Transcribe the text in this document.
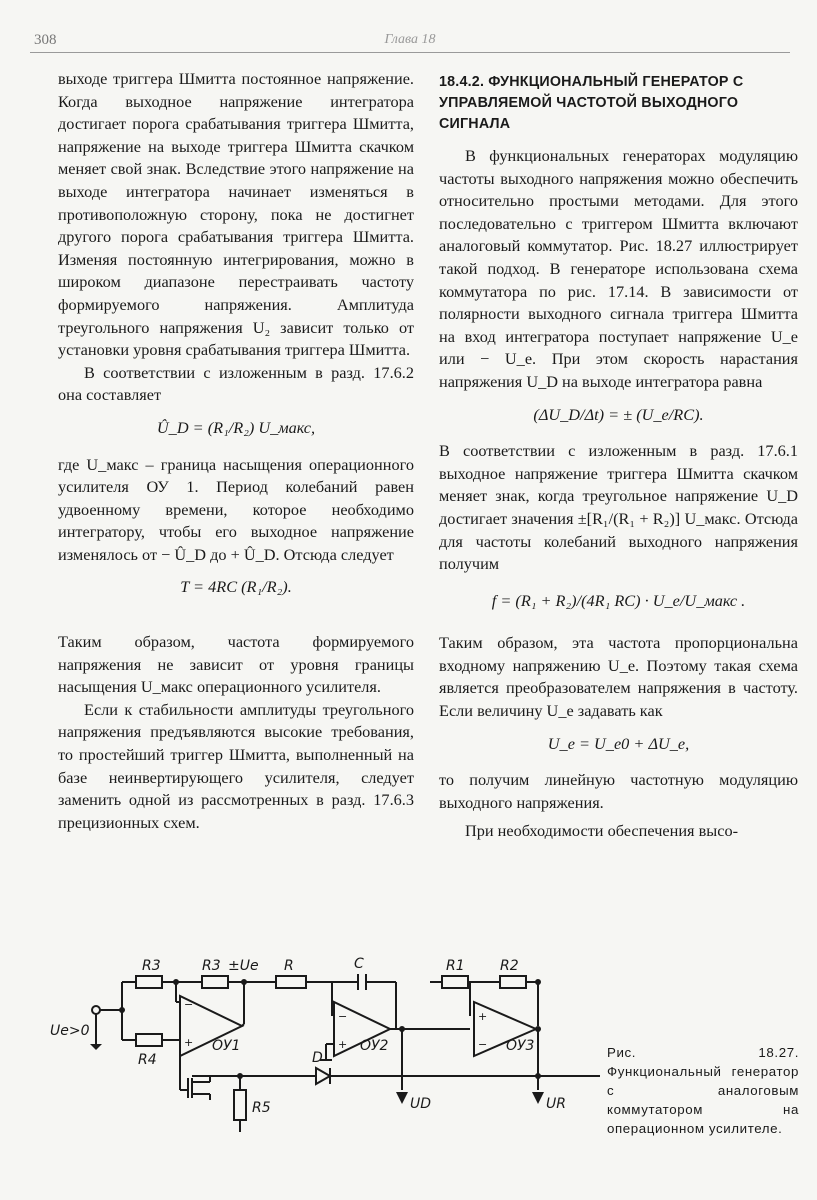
308	Глава 18

выходе триггера Шмитта постоянное напряжение. Когда выходное напряжение интегратора достигает порога срабатывания триггера Шмитта, напряжение на выходе триггера Шмитта скачком меняет свой знак. Вследствие этого напряжение на выходе интегратора начинает изменяться в противоположную сторону, пока не достигнет другого порога срабатывания триггера Шмитта. Изменяя постоянную интегрирования, можно в широком диапазоне перестраивать частоту формируемого напряжения. Амплитуда треугольного напряжения U₂ зависит только от установки уровня срабатывания триггера Шмитта.

В соответствии с изложенным в разд. 17.6.2 она составляет

Û_D = (R₁/R₂) U_макс,

где U_макс – граница насыщения операционного усилителя ОУ 1. Период колебаний равен удвоенному времени, которое необходимо интегратору, чтобы его выходное напряжение изменялось от − Û_D до + Û_D. Отсюда следует

T = 4RC (R₁/R₂).

Таким образом, частота формируемого напряжения не зависит от уровня границы насыщения U_макс операционного усилителя.

Если к стабильности амплитуды треугольного напряжения предъявляются высокие требования, то простейший триггер Шмитта, выполненный на базе неинвертирующего усилителя, следует заменить одной из рассмотренных в разд. 17.6.3 прецизионных схем.

18.4.2. ФУНКЦИОНАЛЬНЫЙ ГЕНЕРАТОР С УПРАВЛЯЕМОЙ ЧАСТОТОЙ ВЫХОДНОГО СИГНАЛА

В функциональных генераторах модуляцию частоты выходного напряжения можно обеспечить относительно простыми методами. Для этого последовательно с триггером Шмитта включают аналоговый коммутатор. Рис. 18.27 иллюстрирует такой подход. В генераторе использована схема коммутатора по рис. 17.14. В зависимости от полярности выходного сигнала триггера Шмитта на вход интегратора поступает напряжение U_e или − U_e. При этом скорость нарастания напряжения U_D на выходе интегратора равна

(ΔU_D/Δt) = ± (U_e/RC).

В соответствии с изложенным в разд. 17.6.1 выходное напряжение триггера Шмитта скачком меняет знак, когда треугольное напряжение U_D достигает значения ±[R₁/(R₁ + R₂)] U_макс. Отсюда для частоты колебаний выходного напряжения получим

f = (R₁ + R₂)/(4R₁ RC) · U_e/U_макс .

Таким образом, эта частота пропорциональна входному напряжению U_e. Поэтому такая схема является преобразователем напряжения в частоту. Если величину U_e задавать как

U_e = U_e0 + ΔU_e,

то получим линейную частотную модуляцию выходного напряжения.

При необходимости обеспечения высо-

R3	R3 ±Ue R	C	R1	R2
R4
R5
D
Ue>0
ОУ1	ОУ2	ОУ3
UD	UR
−
+
−
+
+
−
Рис. 18.27. Функциональный генератор с аналоговым коммутатором на операционном усилителе.
